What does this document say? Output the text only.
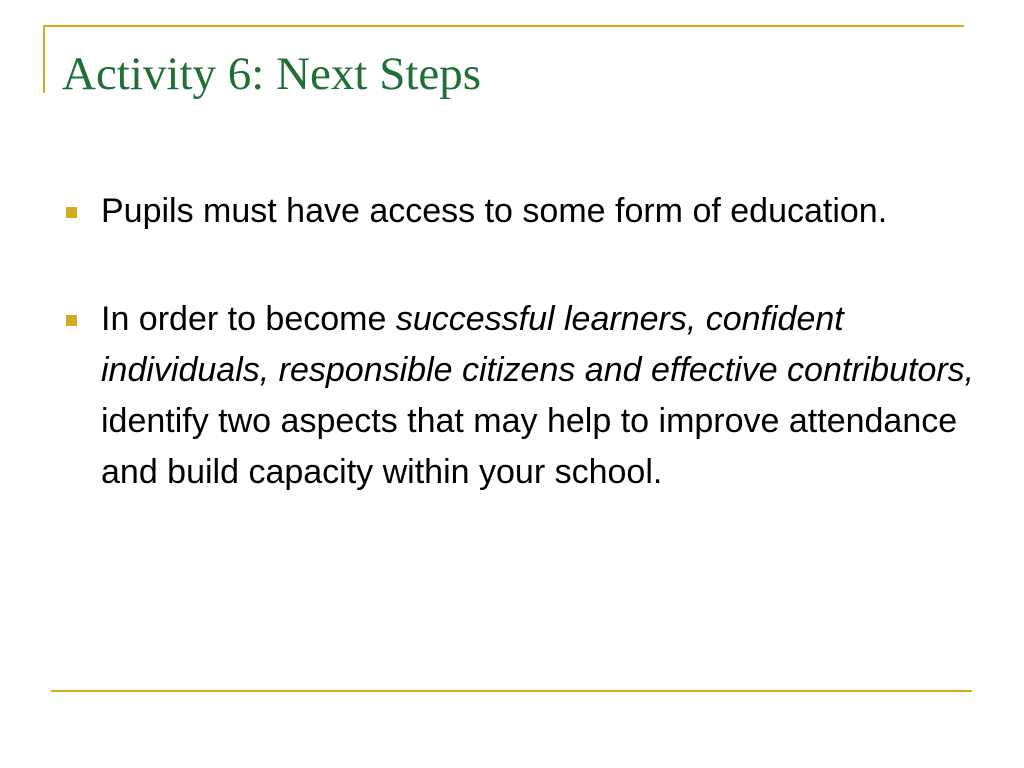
Activity 6: Next Steps
Pupils must have access to some form of education.
In order to become successful learners, confident individuals, responsible citizens and effective contributors, identify two aspects that may help to improve attendance and build capacity within your school.
